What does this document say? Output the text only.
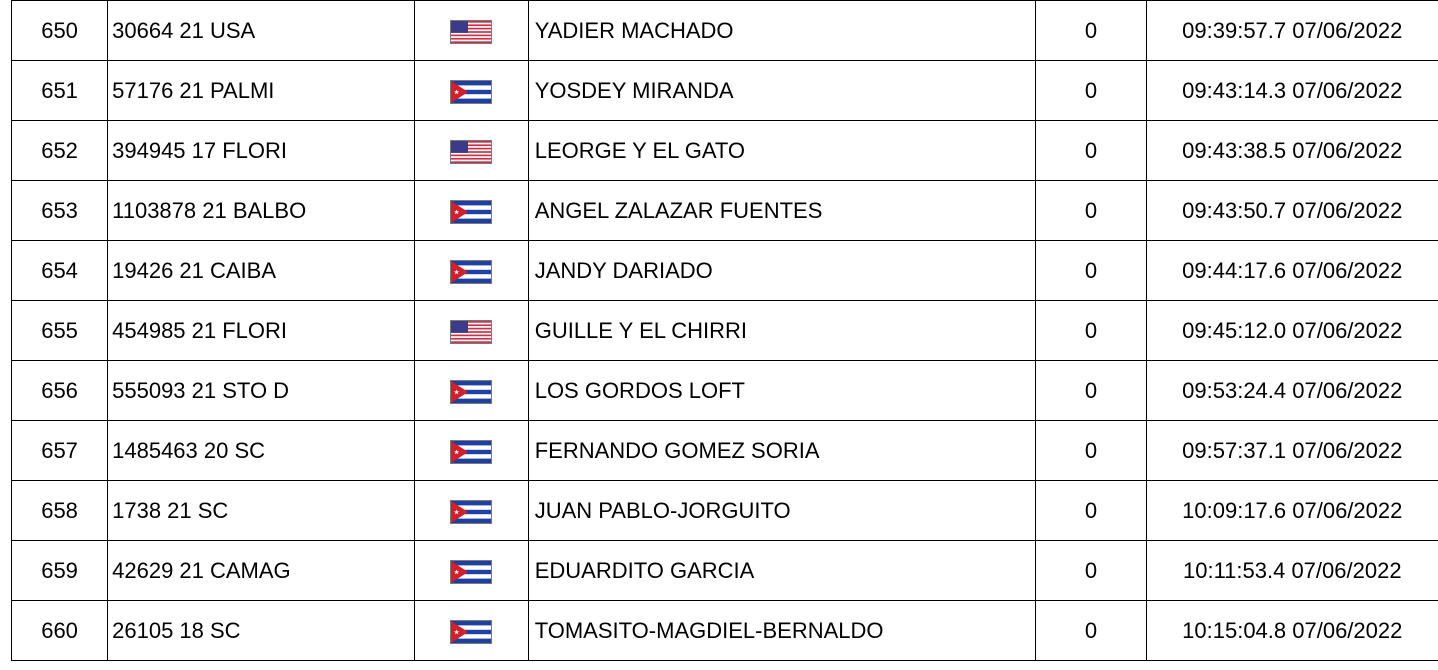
650	30664 21 USA		YADIER MACHADO	0	09:39:57.7 07/06/2022
651	57176 21 PALMI		YOSDEY MIRANDA	0	09:43:14.3 07/06/2022
652	394945 17 FLORI		LEORGE Y EL GATO	0	09:43:38.5 07/06/2022
653	1103878 21 BALBO		ANGEL ZALAZAR FUENTES	0	09:43:50.7 07/06/2022
654	19426 21 CAIBA		JANDY DARIADO	0	09:44:17.6 07/06/2022
655	454985 21 FLORI		GUILLE Y EL CHIRRI	0	09:45:12.0 07/06/2022
656	555093 21 STO D		LOS GORDOS LOFT	0	09:53:24.4 07/06/2022
657	1485463 20 SC		FERNANDO GOMEZ SORIA	0	09:57:37.1 07/06/2022
658	1738 21 SC		JUAN PABLO-JORGUITO	0	10:09:17.6 07/06/2022
659	42629 21 CAMAG		EDUARDITO GARCIA	0	10:11:53.4 07/06/2022
660	26105 18 SC		TOMASITO-MAGDIEL-BERNALDO	0	10:15:04.8 07/06/2022
